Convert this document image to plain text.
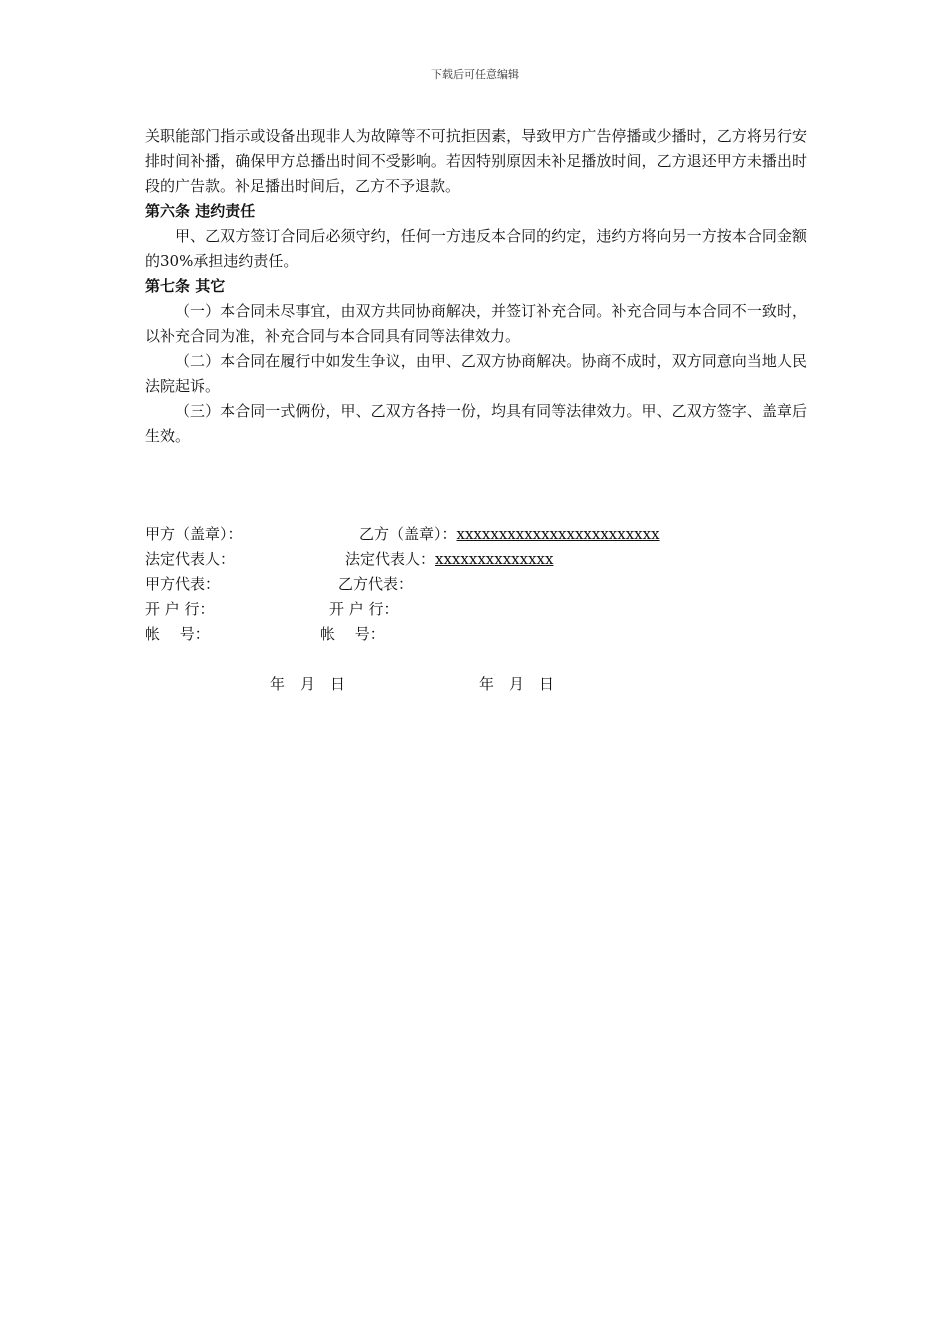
下载后可任意编辑

关职能部门指示或设备出现非人为故障等不可抗拒因素，导致甲方广告停播或少播时，乙方将另行安排时间补播，确保甲方总播出时间不受影响。若因特别原因未补足播放时间，乙方退还甲方未播出时段的广告款。补足播出时间后，乙方不予退款。

第六条 违约责任

甲、乙双方签订合同后必须守约，任何一方违反本合同的约定，违约方将向另一方按本合同金额的30%承担违约责任。

第七条 其它

（一）本合同未尽事宜，由双方共同协商解决，并签订补充合同。补充合同与本合同不一致时，以补充合同为准，补充合同与本合同具有同等法律效力。

（二）本合同在履行中如发生争议，由甲、乙双方协商解决。协商不成时，双方同意向当地人民法院起诉。

（三）本合同一式俩份，甲、乙双方各持一份，均具有同等法律效力。甲、乙双方签字、盖章后生效。

甲方（盖章）：	乙方（盖章）：xxxxxxxxxxxxxxxxxxxxxxxx
法定代表人：	法定代表人：xxxxxxxxxxxxxx
甲方代表：	乙方代表：
开 户 行：	开 户 行：
帐　 号：	帐　 号：
年　月　日	年　月　日
